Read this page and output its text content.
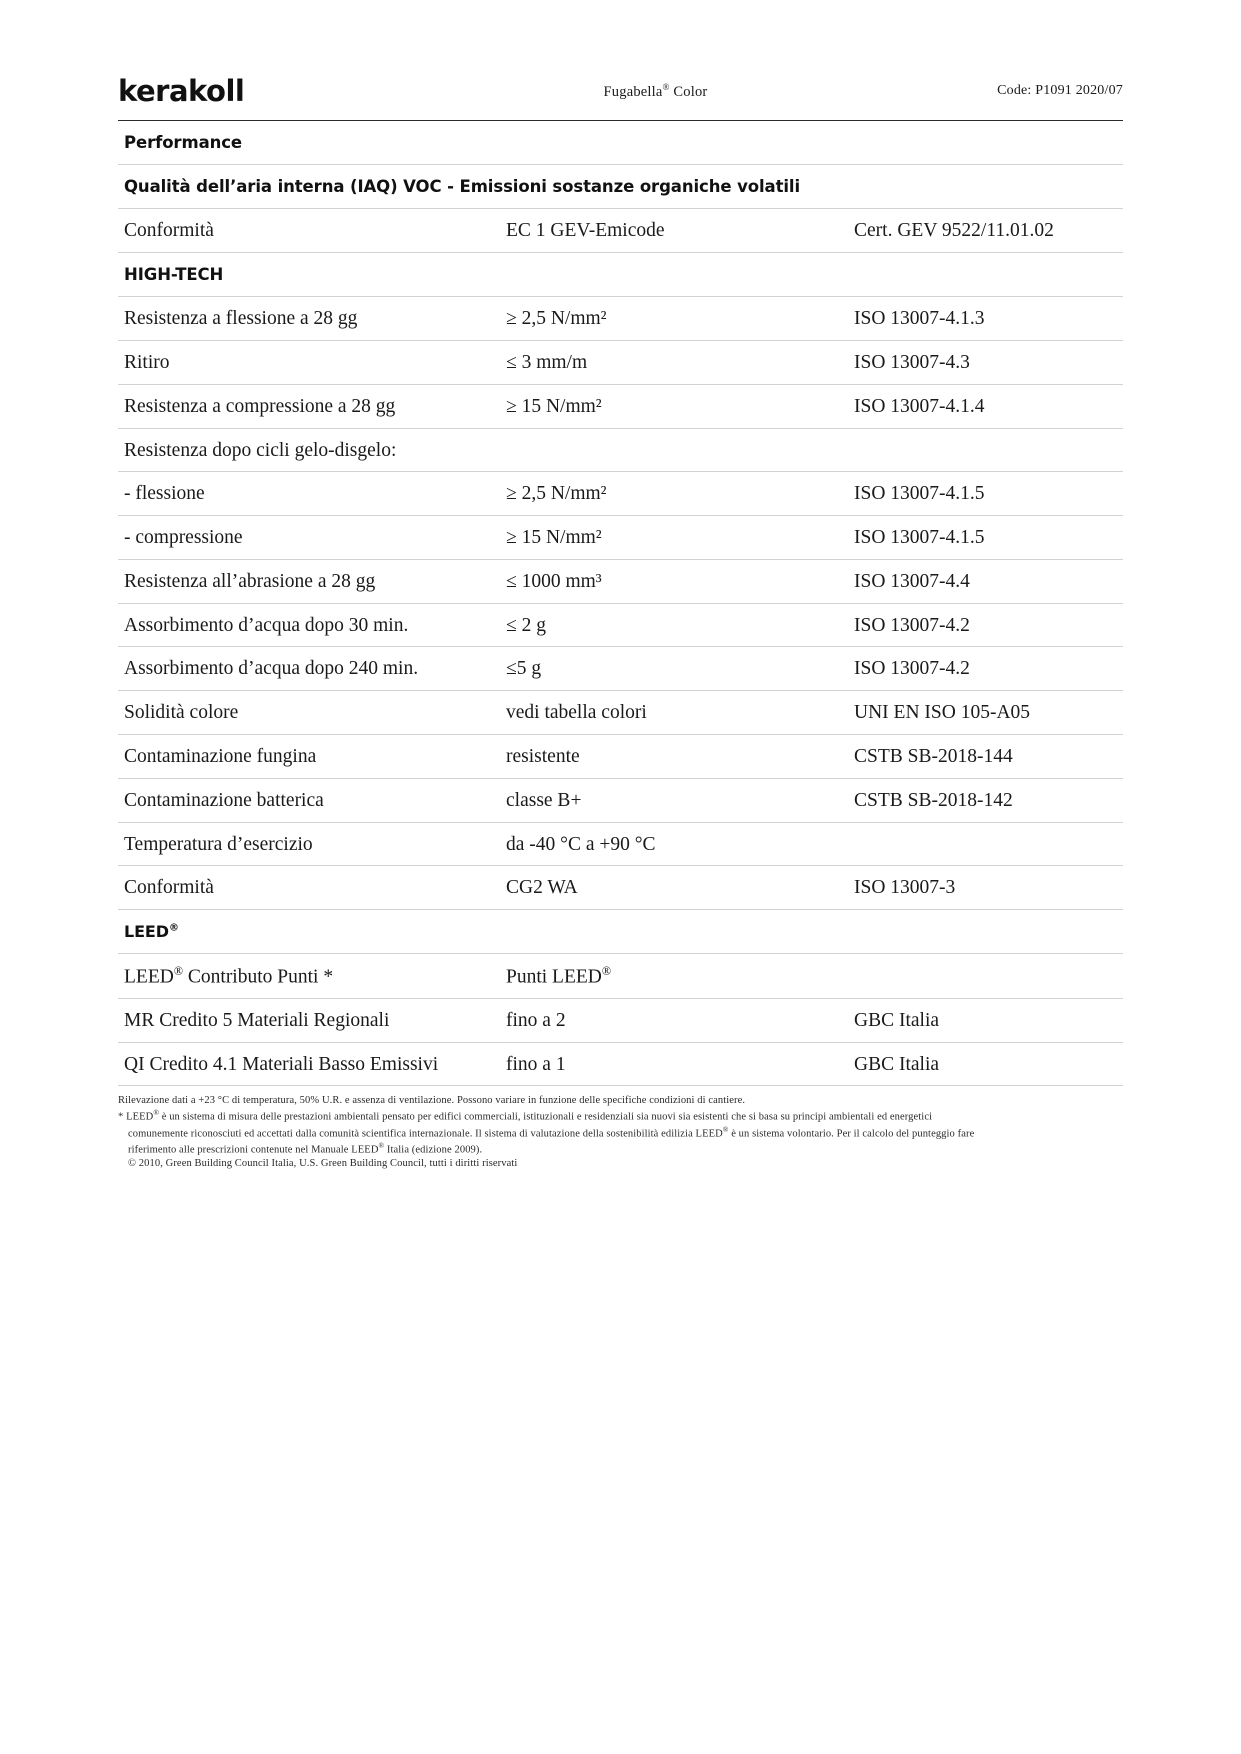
kerakoll	Fugabella® Color	Code: P1091 2020/07
Performance		
Qualità dell’aria interna (IAQ) VOC - Emissioni sostanze organiche volatili		
Conformità	EC 1 GEV-Emicode	Cert. GEV 9522/11.01.02
HIGH-TECH		
Resistenza a flessione a 28 gg	≥ 2,5 N/mm²	ISO 13007-4.1.3
Ritiro	≤ 3 mm/m	ISO 13007-4.3
Resistenza a compressione a 28 gg	≥ 15 N/mm²	ISO 13007-4.1.4
Resistenza dopo cicli gelo-disgelo:		
- flessione	≥ 2,5 N/mm²	ISO 13007-4.1.5
- compressione	≥ 15 N/mm²	ISO 13007-4.1.5
Resistenza all’abrasione a 28 gg	≤ 1000 mm³	ISO 13007-4.4
Assorbimento d’acqua dopo 30 min.	≤ 2 g	ISO 13007-4.2
Assorbimento d’acqua dopo 240 min.	≤5 g	ISO 13007-4.2
Solidità colore	vedi tabella colori	UNI EN ISO 105-A05
Contaminazione fungina	resistente	CSTB SB-2018-144
Contaminazione batterica	classe B+	CSTB SB-2018-142
Temperatura d’esercizio	da -40 °C a +90 °C	
Conformità	CG2 WA	ISO 13007-3
LEED®
LEED® Contributo Punti *	Punti LEED®	
MR Credito 5 Materiali Regionali	fino a 2	GBC Italia
QI Credito 4.1 Materiali Basso Emissivi	fino a 1	GBC Italia

Rilevazione dati a +23 °C di temperatura, 50% U.R. e assenza di ventilazione. Possono variare in funzione delle specifiche condizioni di cantiere.

* LEED® è un sistema di misura delle prestazioni ambientali pensato per edifici commerciali, istituzionali e residenziali sia nuovi sia esistenti che si basa su principi ambientali ed energetici

comunemente riconosciuti ed accettati dalla comunità scientifica internazionale. Il sistema di valutazione della sostenibilità edilizia LEED® è un sistema volontario. Per il calcolo del punteggio fare

riferimento alle prescrizioni contenute nel Manuale LEED® Italia (edizione 2009).

© 2010, Green Building Council Italia, U.S. Green Building Council, tutti i diritti riservati
